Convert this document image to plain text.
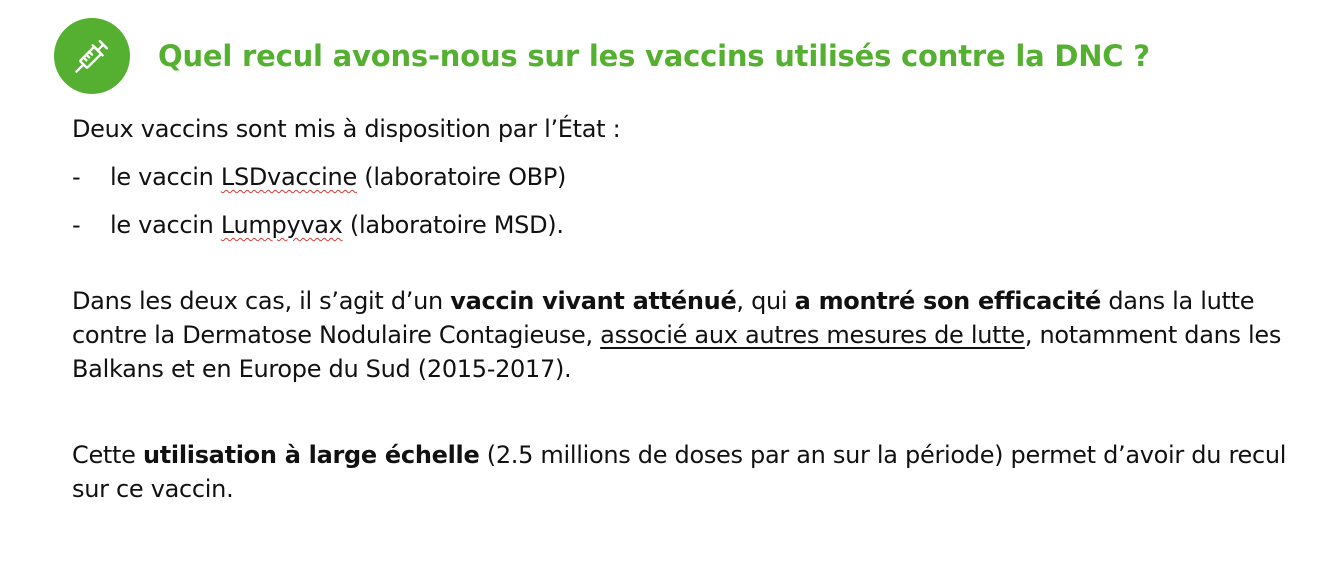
Quel recul avons-nous sur les vaccins utilisés contre la DNC ?

Deux vaccins sont mis à disposition par l’État :

-	le vaccin LSDvaccine (laboratoire OBP)
-	le vaccin Lumpyvax (laboratoire MSD).

Dans les deux cas, il s’agit d’un vaccin vivant atténué, qui a montré son efficacité dans la lutte contre la Dermatose Nodulaire Contagieuse, associé aux autres mesures de lutte, notamment dans les Balkans et en Europe du Sud (2015-2017).

Cette utilisation à large échelle (2.5 millions de doses par an sur la période) permet d’avoir du recul sur ce vaccin.
